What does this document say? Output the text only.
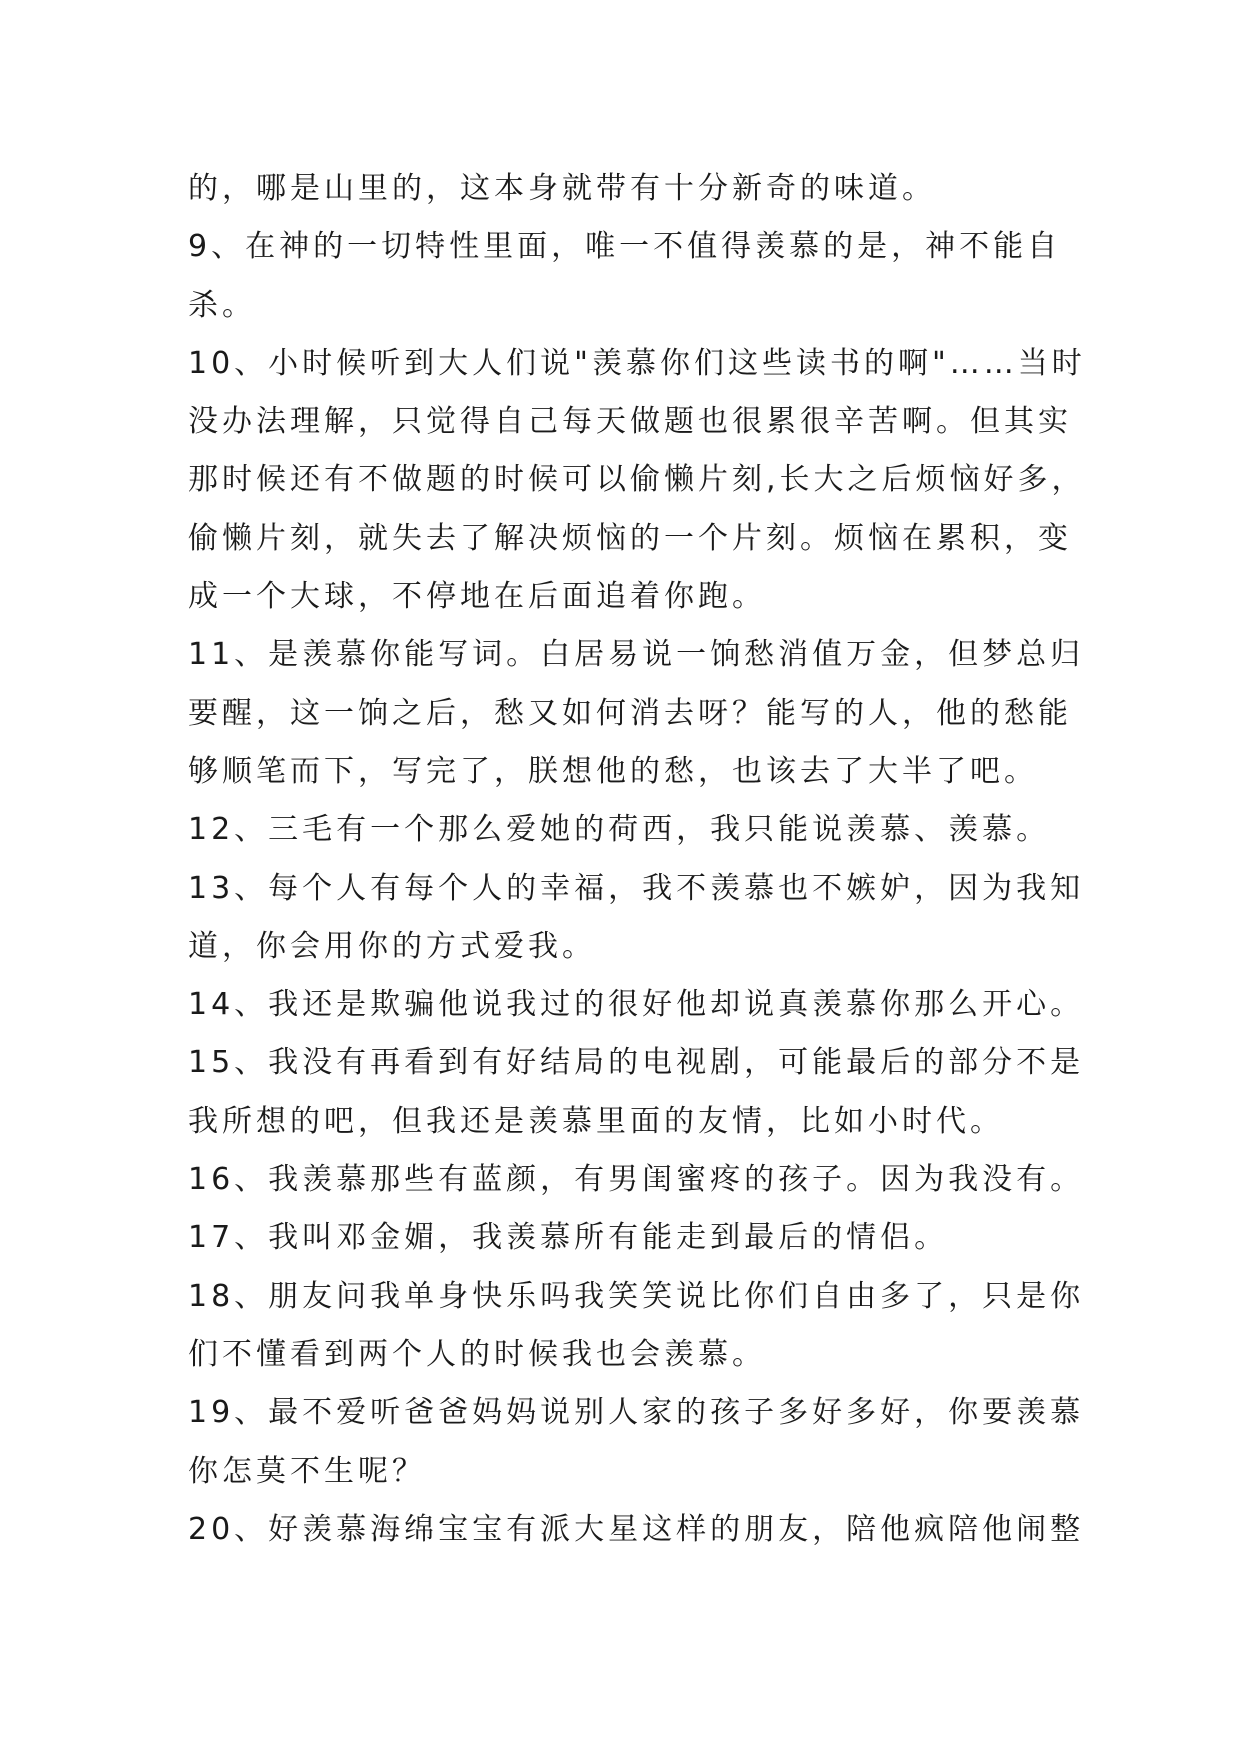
的，哪是山里的，这本身就带有十分新奇的味道。
9、在神的一切特性里面，唯一不值得羡慕的是，神不能自
杀。
10、小时候听到大人们说"羡慕你们这些读书的啊"……当时
没办法理解，只觉得自己每天做题也很累很辛苦啊。但其实
那时候还有不做题的时候可以偷懒片刻,长大之后烦恼好多，
偷懒片刻，就失去了解决烦恼的一个片刻。烦恼在累积，变
成一个大球，不停地在后面追着你跑。
11、是羡慕你能写词。白居易说一饷愁消值万金，但梦总归
要醒，这一饷之后，愁又如何消去呀？能写的人，他的愁能
够顺笔而下，写完了，朕想他的愁，也该去了大半了吧。
12、三毛有一个那么爱她的荷西，我只能说羡慕、羡慕。
13、每个人有每个人的幸福，我不羡慕也不嫉妒，因为我知
道，你会用你的方式爱我。
14、我还是欺骗他说我过的很好他却说真羡慕你那么开心。
15、我没有再看到有好结局的电视剧，可能最后的部分不是
我所想的吧，但我还是羡慕里面的友情，比如小时代。
16、我羡慕那些有蓝颜，有男闺蜜疼的孩子。因为我没有。
17、我叫邓金媚，我羡慕所有能走到最后的情侣。
18、朋友问我单身快乐吗我笑笑说比你们自由多了，只是你
们不懂看到两个人的时候我也会羡慕。
19、最不爱听爸爸妈妈说别人家的孩子多好多好，你要羡慕
你怎莫不生呢？
20、好羡慕海绵宝宝有派大星这样的朋友，陪他疯陪他闹整
